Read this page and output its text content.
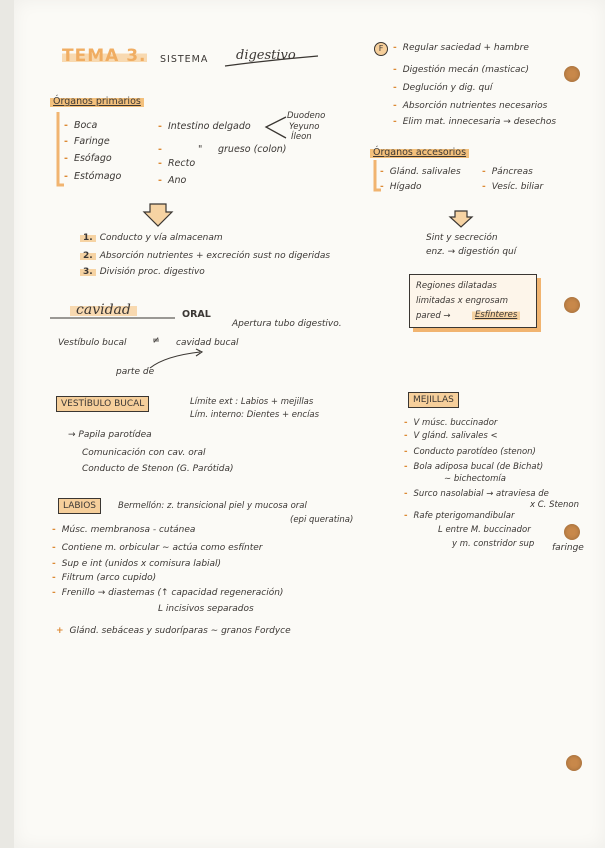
TEMA 3. SISTEMA digestivo
Órganos primarios
- Boca
- Faringe
- Esófago
- Estómago
- Intestino delgado
-	" grueso (colon)
- Recto
- Ano
Duodeno
Yeyuno
Íleon
F	- Regular saciedad + hambre
- Digestión mecán (masticac)
- Deglución y dig. quí
- Absorción nutrientes necesarios
- Elim mat. innecesaria → desechos
Órganos accesorios
- Glánd. salivales
- Hígado
- Páncreas
- Vesíc. biliar
1. Conducto y vía almacenam
2. Absorción nutrientes + excreción sust no digeridas
3. División proc. digestivo
Sint y secreción
enz. → digestión quí
Regiones dilatadas
limitadas x engrosam
pared →	Esfínteres
cavidad	ORAL
Apertura tubo digestivo.
Vestíbulo bucal	≠ cavidad bucal
parte de
VESTÍBULO BUCAL	Límite ext : Labios + mejillas
Lím. interno: Dientes + encías
→ Papila parotídea
Comunicación con cav. oral
Conducto de Stenon (G. Parótida)
LABIOS	Bermellón: z. transicional piel y mucosa oral
(epi queratina)
- Músc. membranosa - cutánea
- Contiene m. orbicular ∼ actúa como esfínter
- Sup e int (unidos x comisura labial)
- Filtrum (arco cupido)
- Frenillo → diastemas (↑ capacidad regeneración)
L incisivos separados
+ Glánd. sebáceas y sudoríparas ∼ granos Fordyce
MEJILLAS
- V músc. buccinador
- V glánd. salivales <
- Conducto parotídeo (stenon)
- Bola adiposa bucal (de Bichat)
∼ bichectomía
- Surco nasolabial → atraviesa de
x C. Stenon
- Rafe pterigomandibular
L entre M. buccinador
y m. constridor sup faringe
